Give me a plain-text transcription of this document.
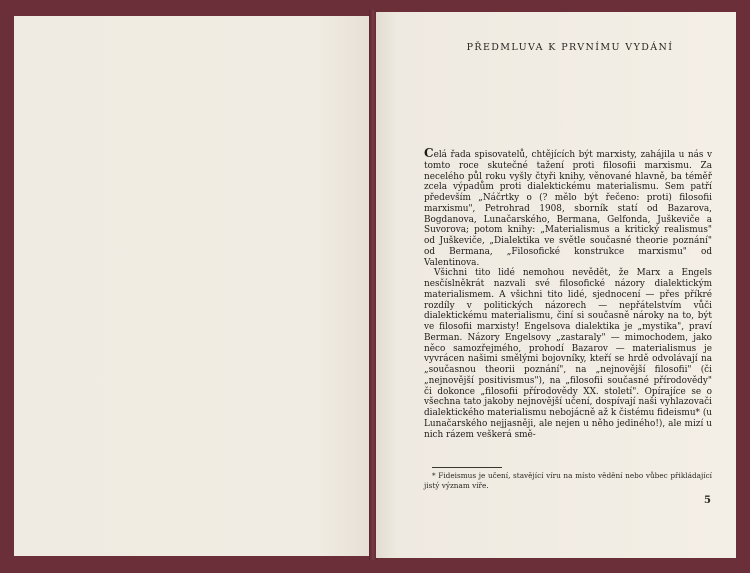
PŘEDMLUVA K PRVNÍMU VYDÁNÍ

Celá řada spisovatelů, chtějících být marxisty, zahájila u nás v tomto roce skutečné tažení proti filosofii marxismu. Za necelého půl roku vyšly čtyři knihy, věnované hlavně, ba téměř zcela výpadům proti dialektickému materialismu. Sem patří především „Náčrtky o (? mělo být řečeno: proti) filosofii marxismu", Petrohrad 1908, sborník statí od Bazarova, Bogdanova, Lunačarského, Bermana, Gelfonda, Juškeviče a Suvorova; potom knihy: „Materialismus a kritický realismus" od Juškeviče, „Dialektika ve světle současné theorie poznání" od Bermana, „Filosofické konstrukce marxismu" od Valentinova.

Všichni tito lidé nemohou nevědět, že Marx a Engels nesčíslněkrát nazvali své filosofické názory dialektickým materialismem. A všichni tito lidé, sjednocení — přes příkré rozdíly v politických názorech — nepřátelstvím vůči dialektickému materialismu, činí si současně nároky na to, být ve filosofii marxisty! Engelsova dialektika je „mystika", praví Berman. Názory Engelsovy „zastaraly" — mimochodem, jako něco samozřejmého, prohodí Bazarov — materialismus je vyvrácen našimi smělými bojovníky, kteří se hrdě odvolávají na „současnou theorii poznání", na „nejnovější filosofii" (či „nejnovější positivismus"), na „filosofii současné přírodovědy" či dokonce „filosofii přírodovědy XX. století". Opírajíce se o všechna tato jakoby nejnovější učení, dospívají naši vyhlazovači dialektického materialismu nebojácně až k čistému fideismu* (u Lunačarského nejjasněji, ale nejen u něho jediného!), ale mizí u nich rázem veškerá smě-

* Fideismus je učení, stavějící víru na místo vědění nebo vůbec přikládající jistý význam víře.
5
